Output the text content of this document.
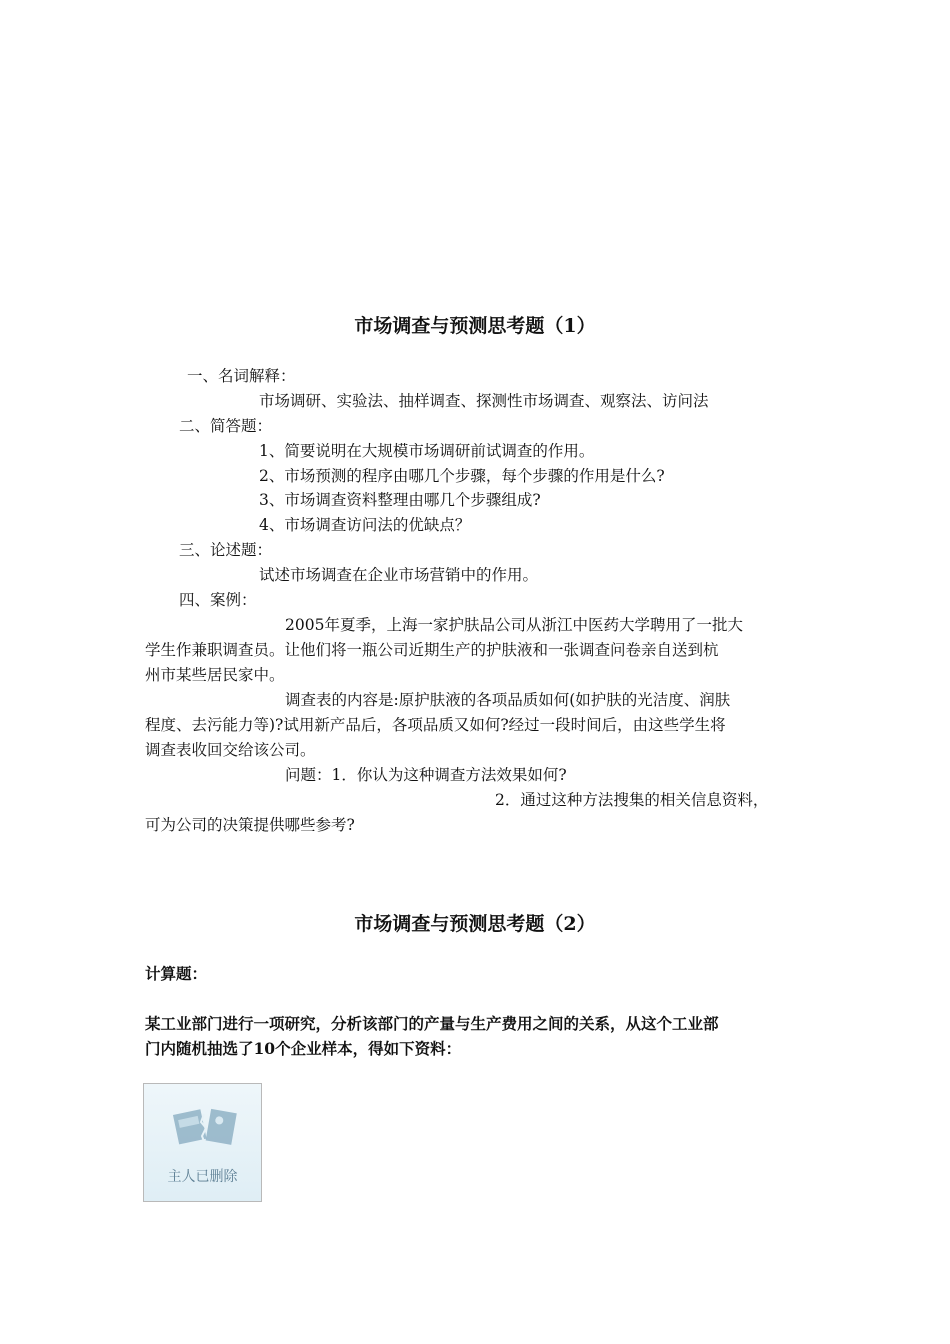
市场调查与预测思考题（1）
一、名词解释：
市场调研、实验法、抽样调查、探测性市场调查、观察法、访问法
二、简答题：
1、简要说明在大规模市场调研前试调查的作用。
2、市场预测的程序由哪几个步骤，每个步骤的作用是什么?
3、市场调查资料整理由哪几个步骤组成?
4、市场调查访问法的优缺点？
三、论述题：
试述市场调查在企业市场营销中的作用。
四、案例：
2005年夏季，上海一家护肤品公司从浙江中医药大学聘用了一批大
学生作兼职调查员。让他们将一瓶公司近期生产的护肤液和一张调查问卷亲自送到杭
州市某些居民家中。
调查表的内容是:原护肤液的各项品质如何(如护肤的光洁度、润肤
程度、去污能力等)?试用新产品后，各项品质又如何?经过一段时间后，由这些学生将
调查表收回交给该公司。
问题：1．你认为这种调查方法效果如何?
2．通过这种方法搜集的相关信息资料，
可为公司的决策提供哪些参考?
市场调查与预测思考题（2）
计算题：
某工业部门进行一项研究，分析该部门的产量与生产费用之间的关系，从这个工业部
门内随机抽选了10个企业样本，得如下资料：
主人已删除
